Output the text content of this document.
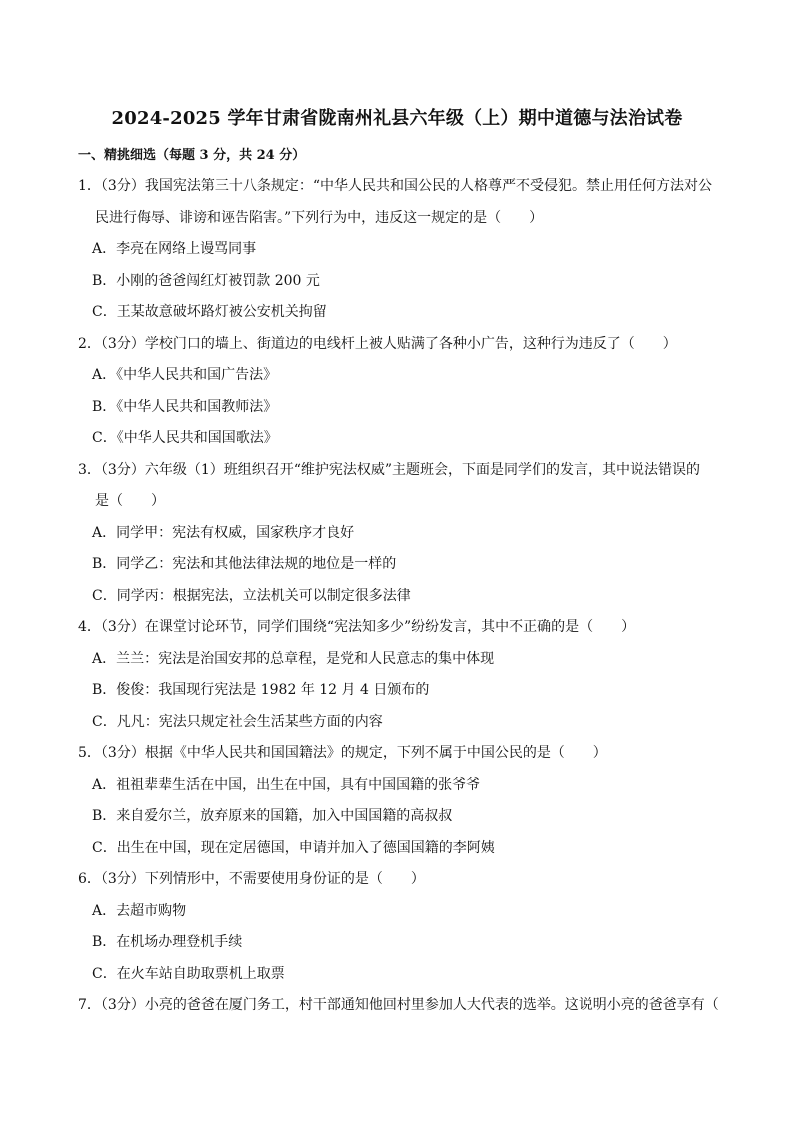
2024-2025 学年甘肃省陇南州礼县六年级（上）期中道德与法治试卷
一、精挑细选（每题 3 分，共 24 分）
1．（3分）我国宪法第三十八条规定：“中华人民共和国公民的人格尊严不受侵犯。禁止用任何方法对公
民进行侮辱、诽谤和诬告陷害。”下列行为中，违反这一规定的是（　　）
A．李亮在网络上谩骂同事
B．小刚的爸爸闯红灯被罚款 200 元
C．王某故意破坏路灯被公安机关拘留
2．（3分）学校门口的墙上、街道边的电线杆上被人贴满了各种小广告，这种行为违反了（　　）
A．《中华人民共和国广告法》
B．《中华人民共和国教师法》
C．《中华人民共和国国歌法》
3．（3分）六年级（1）班组织召开“维护宪法权威”主题班会，下面是同学们的发言，其中说法错误的
是（　　）
A．同学甲：宪法有权威，国家秩序才良好
B．同学乙：宪法和其他法律法规的地位是一样的
C．同学丙：根据宪法，立法机关可以制定很多法律
4．（3分）在课堂讨论环节，同学们围绕“宪法知多少”纷纷发言，其中不正确的是（　　）
A．兰兰：宪法是治国安邦的总章程，是党和人民意志的集中体现
B．俊俊：我国现行宪法是 1982 年 12 月 4 日颁布的
C．凡凡：宪法只规定社会生活某些方面的内容
5．（3分）根据《中华人民共和国国籍法》的规定，下列不属于中国公民的是（　　）
A．祖祖辈辈生活在中国，出生在中国，具有中国国籍的张爷爷
B．来自爱尔兰，放弃原来的国籍，加入中国国籍的高叔叔
C．出生在中国，现在定居德国，申请并加入了德国国籍的李阿姨
6．（3分）下列情形中，不需要使用身份证的是（　　）
A．去超市购物
B．在机场办理登机手续
C．在火车站自助取票机上取票
7．（3分）小亮的爸爸在厦门务工，村干部通知他回村里参加人大代表的选举。这说明小亮的爸爸享有（
